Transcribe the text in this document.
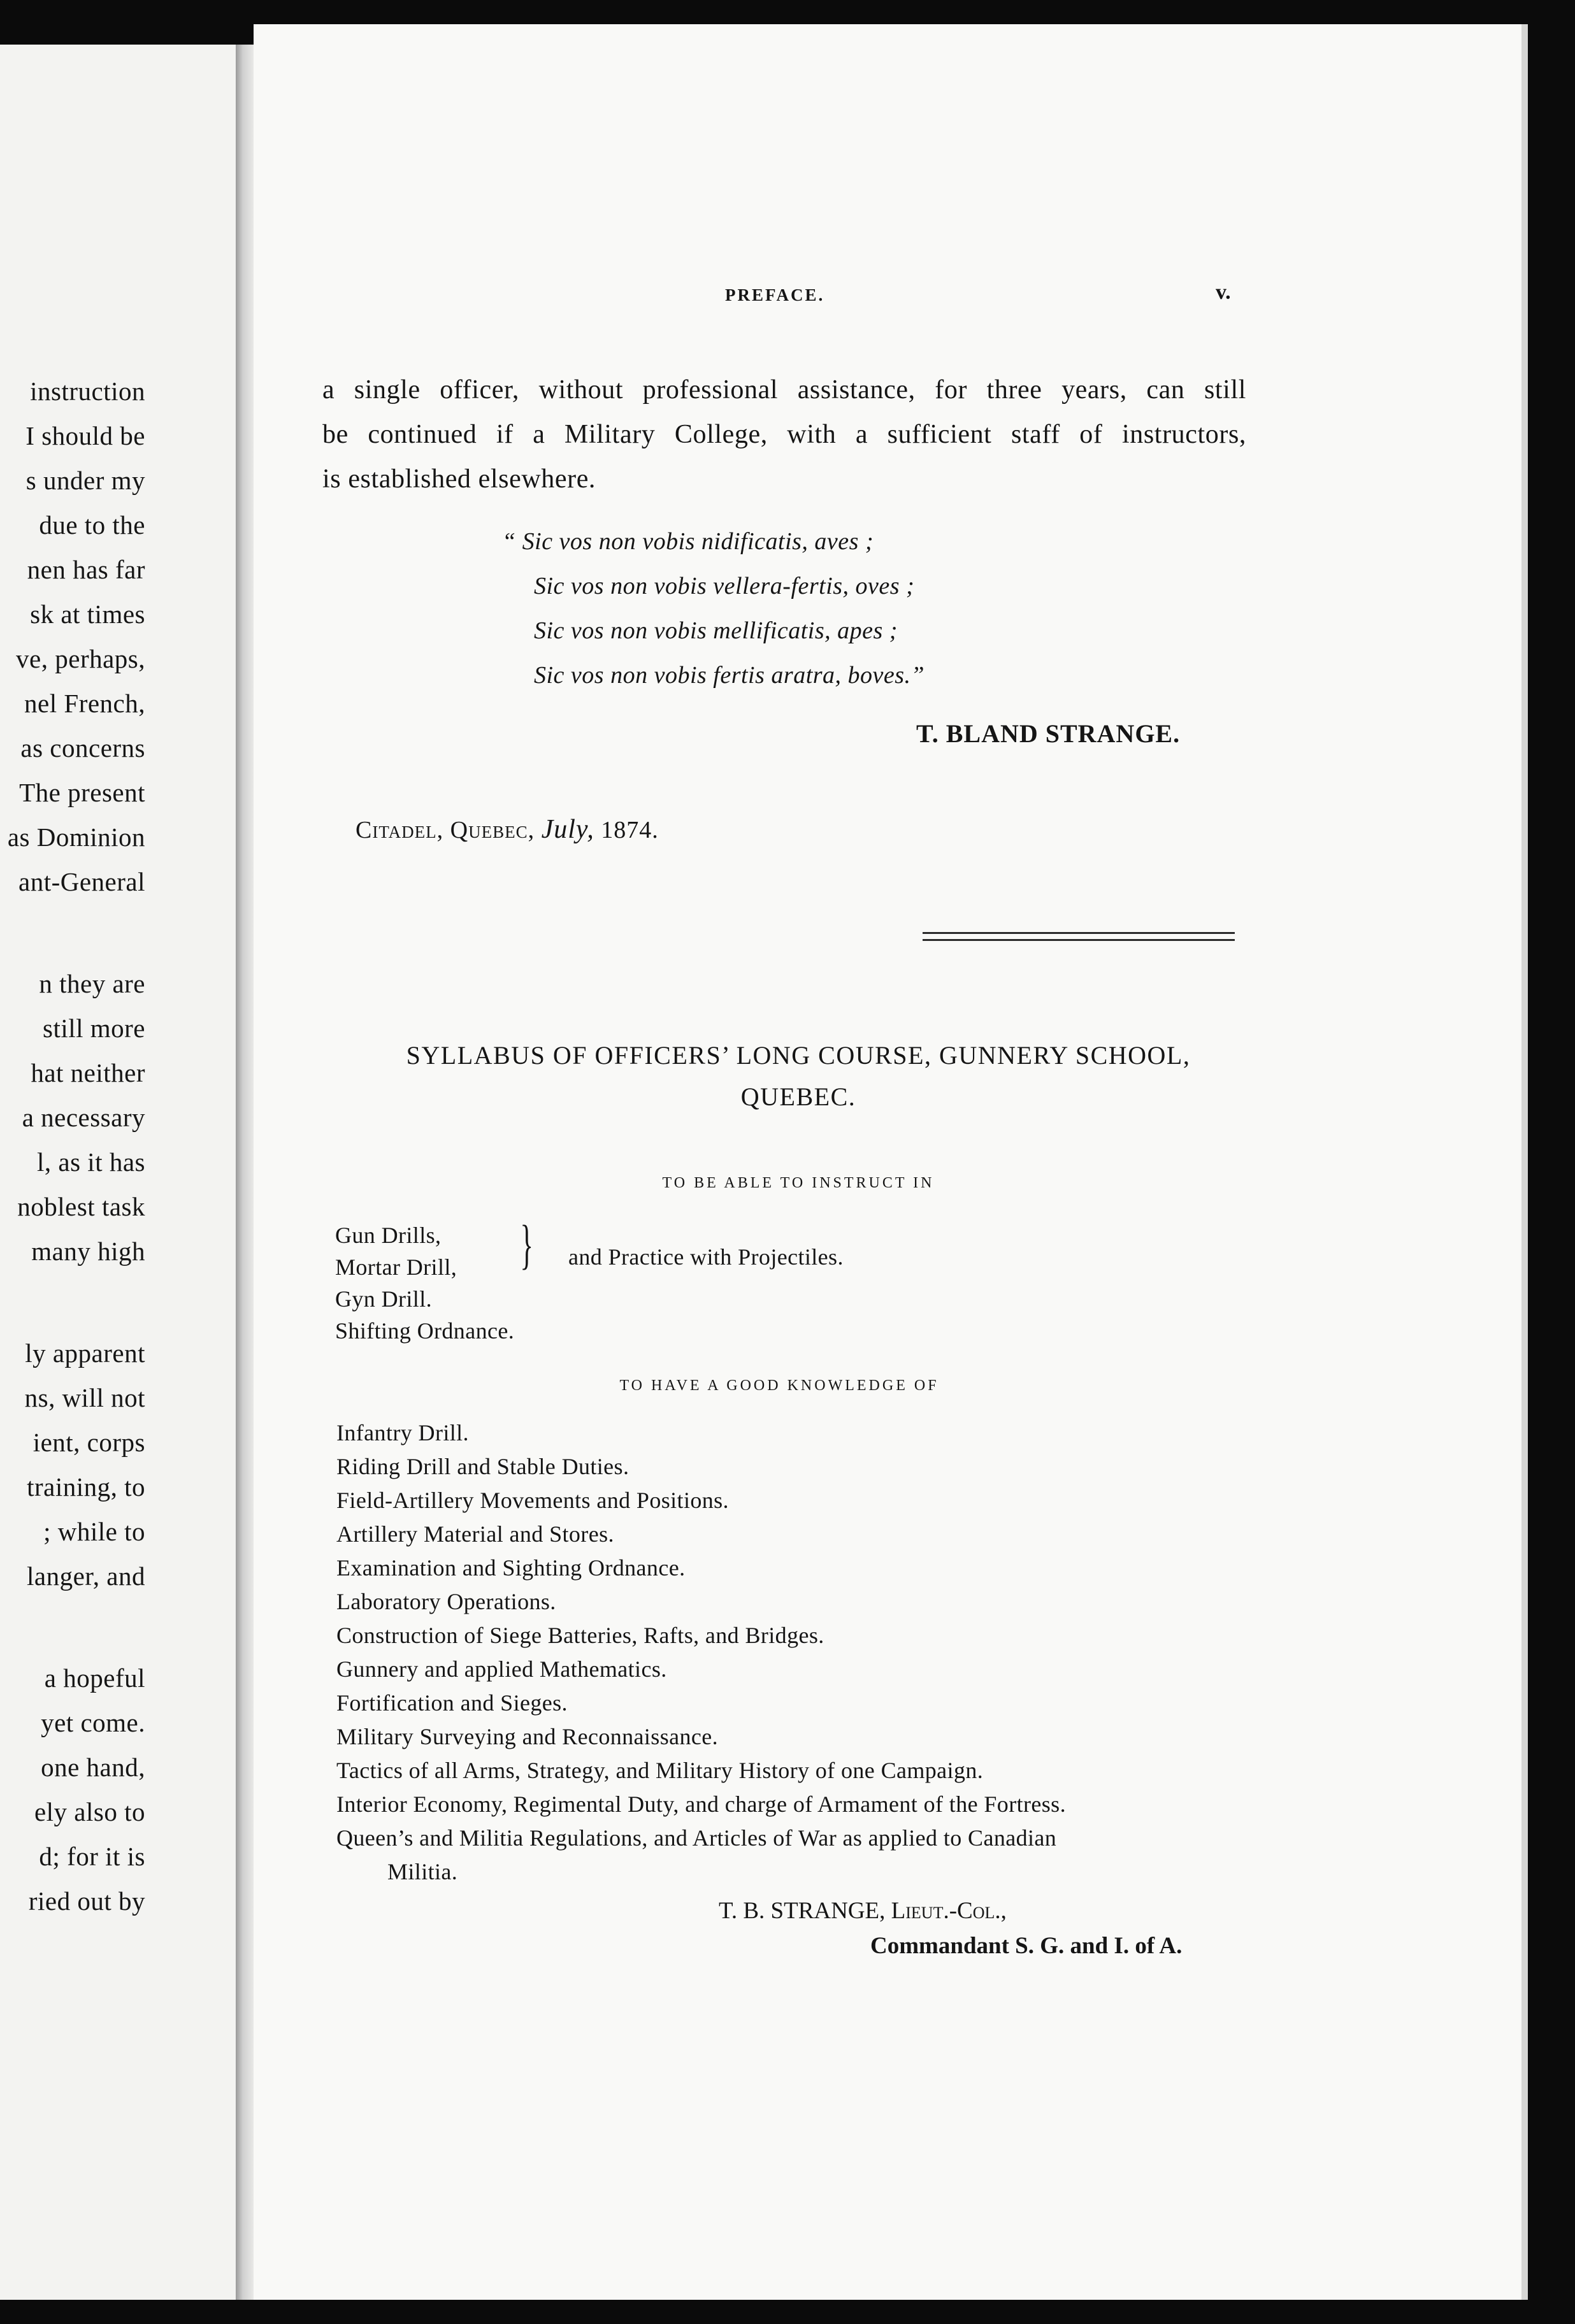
instruction
I should be
s under my
due to the
nen has far
sk at times
ve, perhaps,
nel French,
as concerns
The present
as Dominion
ant-General
n they are
still more
hat neither
a necessary
l, as it has
noblest task
many high
ly apparent
ns, will not
ient, corps
training, to
; while to
langer, and
a hopeful
yet come.
one hand,
ely also to
d; for it is
ried out by
PREFACE.	v.
a single officer, without professional assistance, for three years, can still
be continued if a Military College, with a sufficient staff of instructors,
is established elsewhere.
“ Sic vos non vobis nidificatis, aves ;
Sic vos non vobis vellera-fertis, oves ;
Sic vos non vobis mellificatis, apes ;
Sic vos non vobis fertis aratra, boves.”
T. BLAND STRANGE.
Citadel, Quebec, July, 1874.
SYLLABUS OF OFFICERS’ LONG COURSE, GUNNERY SCHOOL,
QUEBEC.
TO BE ABLE TO INSTRUCT IN
Gun Drills,
Mortar Drill,
Gyn Drill.
Shifting Ordnance.
} and Practice with Projectiles.
TO HAVE A GOOD KNOWLEDGE OF
Infantry Drill.
Riding Drill and Stable Duties.
Field-Artillery Movements and Positions.
Artillery Material and Stores.
Examination and Sighting Ordnance.
Laboratory Operations.
Construction of Siege Batteries, Rafts, and Bridges.
Gunnery and applied Mathematics.
Fortification and Sieges.
Military Surveying and Reconnaissance.
Tactics of all Arms, Strategy, and Military History of one Campaign.
Interior Economy, Regimental Duty, and charge of Armament of the Fortress.
Queen’s and Militia Regulations, and Articles of War as applied to Canadian
Militia.
T. B. STRANGE, Lieut.-Col.,
Commandant S. G. and I. of A.
